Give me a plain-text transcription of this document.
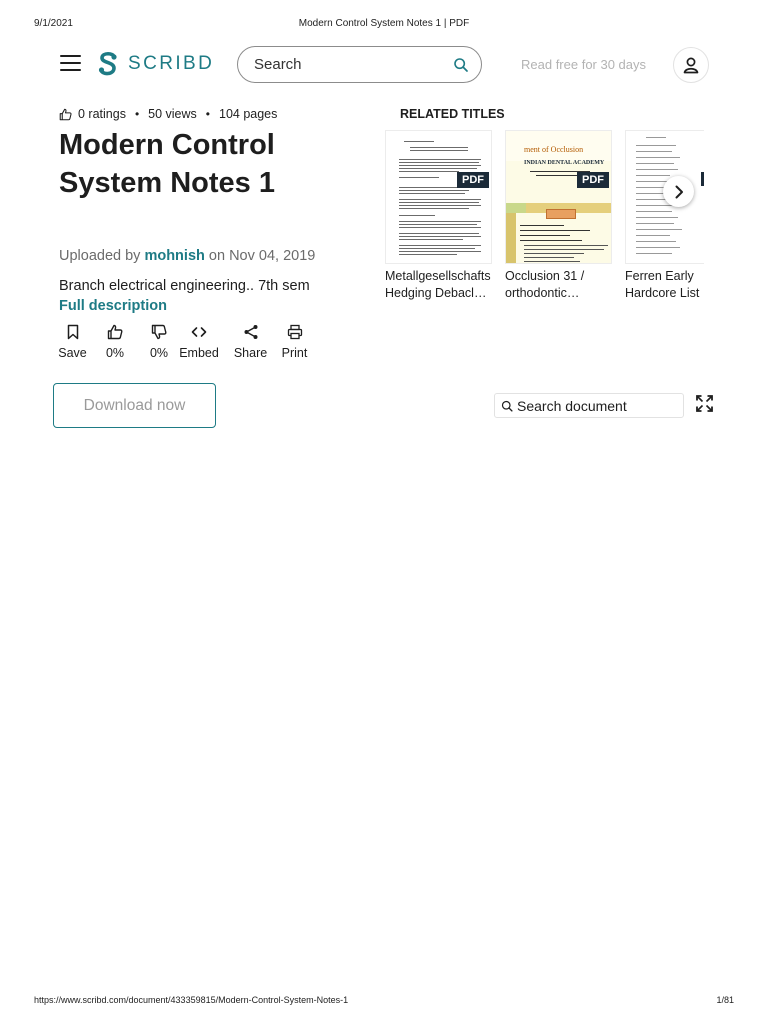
9/1/2021	Modern Control System Notes 1 | PDF
https://www.scribd.com/document/433359815/Modern-Control-System-Notes-1	1/81
SCRIBD
Search	Read free for 30 days
0 ratings • 50 views • 104 pages
Modern Control System Notes 1
Uploaded by mohnish on Nov 04, 2019
Branch electrical engineering.. 7th sem Full description
Save 0% 0% Embed Share Print
Download now
Search document
RELATED TITLES
PDF
Metallgesellschafts
Hedging Debacl…
ment of Occlusion
INDIAN DENTAL ACADEMY
PDF
Occlusion 31 /
orthodontic…
Ferren Early
Hardcore List
